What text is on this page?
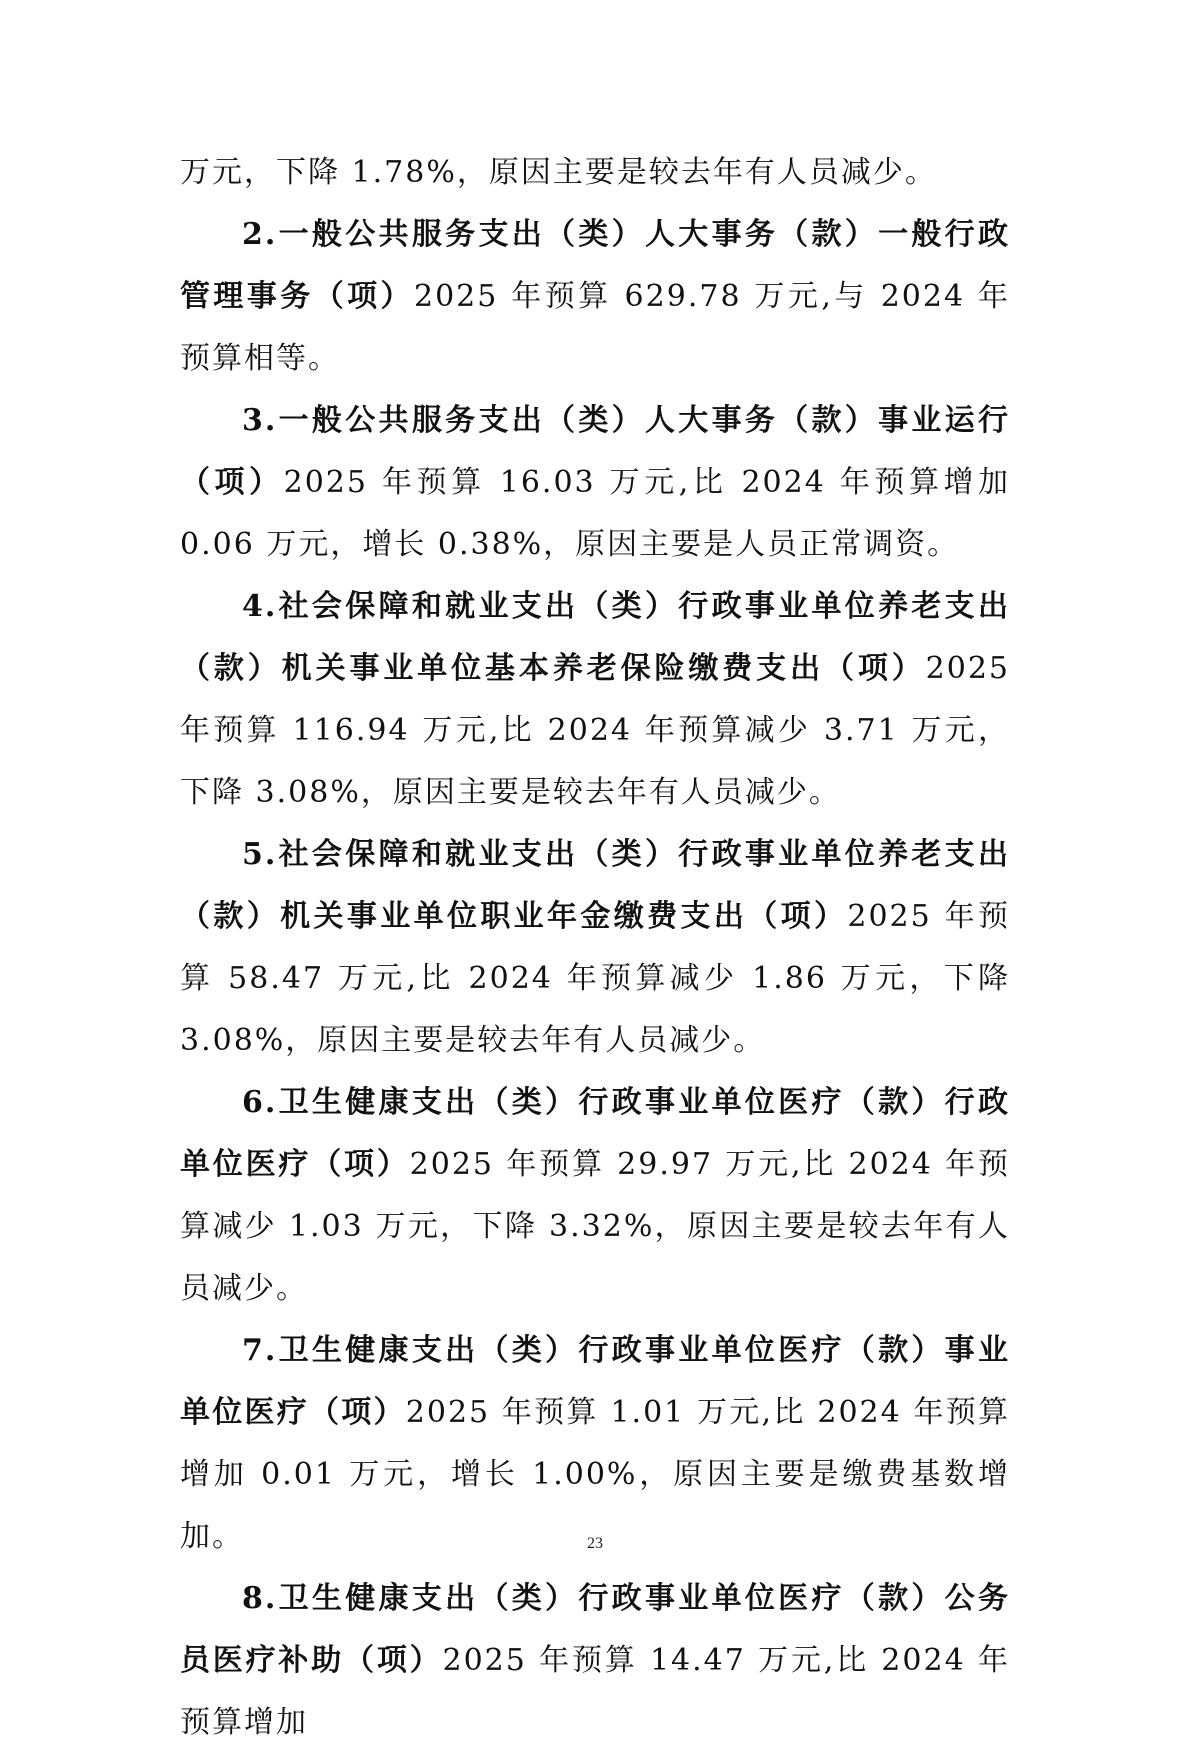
万元，下降 1.78%，原因主要是较去年有人员减少。

2.一般公共服务支出（类）人大事务（款）一般行政管理事务（项）2025 年预算 629.78 万元,与 2024 年预算相等。

3.一般公共服务支出（类）人大事务（款）事业运行（项）2025 年预算 16.03 万元,比 2024 年预算增加 0.06 万元，增长 0.38%，原因主要是人员正常调资。

4.社会保障和就业支出（类）行政事业单位养老支出（款）机关事业单位基本养老保险缴费支出（项）2025 年预算 116.94 万元,比 2024 年预算减少 3.71 万元，下降 3.08%，原因主要是较去年有人员减少。

5.社会保障和就业支出（类）行政事业单位养老支出（款）机关事业单位职业年金缴费支出（项）2025 年预算 58.47 万元,比 2024 年预算减少 1.86 万元，下降 3.08%，原因主要是较去年有人员减少。

6.卫生健康支出（类）行政事业单位医疗（款）行政单位医疗（项）2025 年预算 29.97 万元,比 2024 年预算减少 1.03 万元，下降 3.32%，原因主要是较去年有人员减少。

7.卫生健康支出（类）行政事业单位医疗（款）事业单位医疗（项）2025 年预算 1.01 万元,比 2024 年预算增加 0.01 万元，增长 1.00%，原因主要是缴费基数增加。

8.卫生健康支出（类）行政事业单位医疗（款）公务员医疗补助（项）2025 年预算 14.47 万元,比 2024 年预算增加

23
